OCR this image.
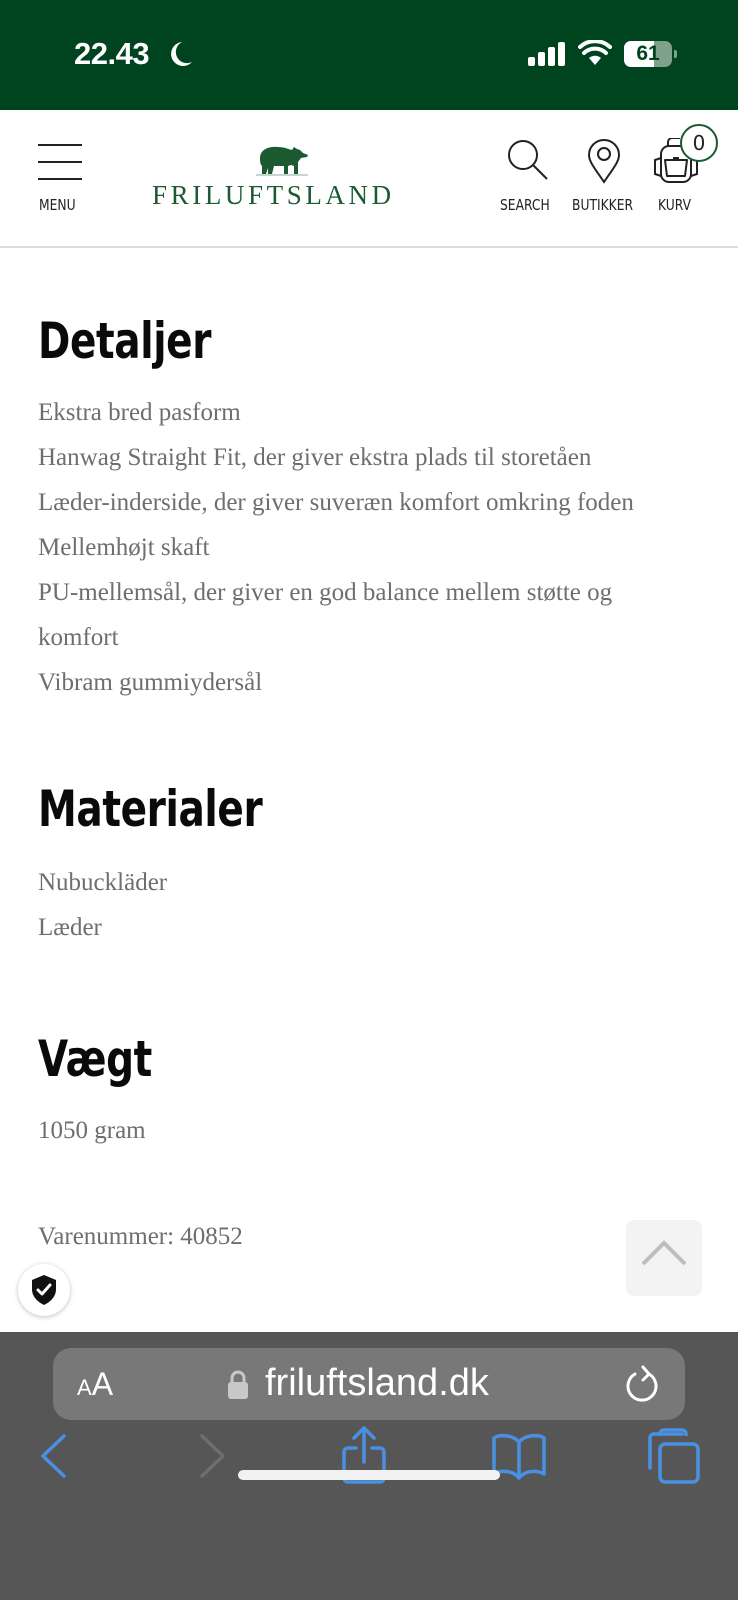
22.43	61
MENU	FRILUFTSLAND	SEARCH BUTIKKER
0
KURV
Detaljer
Ekstra bred pasform
Hanwag Straight Fit, der giver ekstra plads til storetåen
Læder-inderside, der giver suveræn komfort omkring foden
Mellemhøjt skaft
PU-mellemsål, der giver en god balance mellem støtte og
komfort
Vibram gummiydersål
Materialer
Nubuckläder
Læder
Vægt
1050 gram
Varenummer: 40852
AA	friluftsland.dk
